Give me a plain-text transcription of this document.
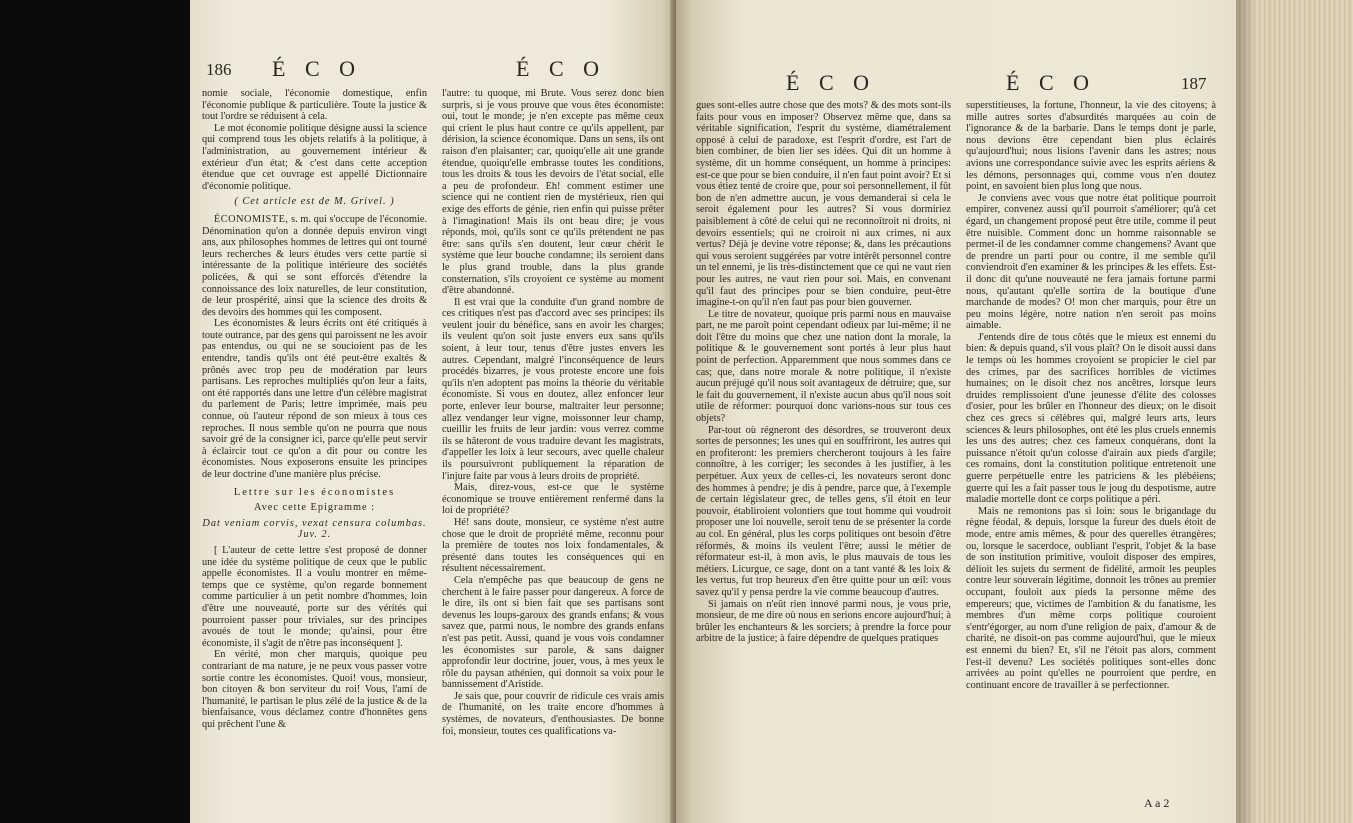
186 É C O	É C O

nomie sociale, l'économie domestique, enfin l'économie publique & particulière. Toute la justice & tout l'ordre se réduisent à cela.

Le mot économie politique désigne aussi la science qui comprend tous les objets relatifs à la politique, à l'administration, au gouvernement intérieur & extérieur d'un état; & c'est dans cette acception étendue que cet ouvrage est appellé Dictionnaire d'économie politique.

( Cet article est de M. Grivel. )

ÉCONOMISTE, s. m. qui s'occupe de l'économie. Dénomination qu'on a donnée depuis environ vingt ans, aux philosophes hommes de lettres qui ont tourné leurs recherches & leurs études vers cette partie si intéressante de la politique intérieure des sociétés policées, & qui se sont efforcés d'étendre la connoissance des loix naturelles, de leur constitution, de leur prospérité, ainsi que la science des droits & des devoirs des hommes qui les composent.

Les économistes & leurs écrits ont été critiqués à toute outrance, par des gens qui paroissent ne les avoir pas entendus, ou qui ne se soucioient pas de les entendre, tandis qu'ils ont été peut-être exaltés & prônés avec trop peu de modération par leurs partisans. Les reproches multipliés qu'on leur a faits, ont été rapportés dans une lettre d'un célèbre magistrat du parlement de Paris; lettre imprimée, mais peu connue, où l'auteur répond de son mieux à tous ces reproches. Il nous semble qu'on ne pourra que nous savoir gré de la consigner ici, parce qu'elle peut servir à éclaircir tout ce qu'on a dit pour ou contre les économistes. Nous exposerons ensuite les principes de leur doctrine d'une manière plus précise.

Lettre sur les économistes

Avec cette Epigramme :

Dat veniam corvis, vexat censura columbas. Juv. 2.

[ L'auteur de cette lettre s'est proposé de donner une idée du système politique de ceux que le public appelle économistes. Il a voulu montrer en même-temps que ce système, qu'on regarde bonnement comme particulier à un petit nombre d'hommes, loin d'être une nouveauté, porte sur des vérités qui pourroient passer pour triviales, sur des principes avoués de tout le monde; qu'ainsi, pour être économiste, il s'agit de n'être pas inconséquent ].

En vérité, mon cher marquis, quoique peu contrariant de ma nature, je ne peux vous passer votre sortie contre les économistes. Quoi! vous, monsieur, bon citoyen & bon serviteur du roi! Vous, l'ami de l'humanité, le partisan le plus zélé de la justice & de la bienfaisance, vous déclamez contre d'honnêtes gens qui prêchent l'une &

l'autre: tu quoque, mi Brute. Vous serez donc bien surpris, si je vous prouve que vous êtes économiste: oui, tout le monde; je n'en excepte pas même ceux qui crient le plus haut contre ce qu'ils appellent, par dérision, la science économique. Dans un sens, ils ont raison d'en plaisanter; car, quoiqu'elle ait une grande étendue, quoiqu'elle embrasse toutes les conditions, tous les droits & tous les devoirs de l'état social, elle a peu de profondeur. Eh! comment estimer une science qui ne contient rien de mystérieux, rien qui exige des efforts de génie, rien enfin qui puisse prêter à l'imagination! Mais ils ont beau dire; je vous réponds, moi, qu'ils sont ce qu'ils prétendent ne pas être: sans qu'ils s'en doutent, leur cœur chérit le système que leur bouche condamne; ils seroient dans le plus grand trouble, dans la plus grande consternation, s'ils croyoient ce système au moment d'être abandonné.

Il est vrai que la conduite d'un grand nombre de ces critiques n'est pas d'accord avec ses principes: ils veulent jouir du bénéfice, sans en avoir les charges; ils veulent qu'on soit juste envers eux sans qu'ils soient, à leur tour, tenus d'être justes envers les autres. Cependant, malgré l'inconséquence de leurs procédés bizarres, je vous proteste encore une fois qu'ils n'en adoptent pas moins la théorie du véritable économiste. Si vous en doutez, allez enfoncer leur porte, enlever leur bourse, maltraiter leur personne; allez vendanger leur vigne, moissonner leur champ, cueillir les fruits de leur jardin: vous verrez comme ils se hâteront de vous traduire devant les magistrats, d'appeller les loix à leur secours, avec quelle chaleur ils poursuivront publiquement la réparation de l'injure faite par vous à leurs droits de propriété.

Mais, direz-vous, est-ce que le système économique se trouve entièrement renfermé dans la loi de propriété?

Hé! sans doute, monsieur, ce système n'est autre chose que le droit de propriété même, reconnu pour la première de toutes nos loix fondamentales, & présenté dans toutes les conséquences qui en résultent nécessairement.

Cela n'empêche pas que beaucoup de gens ne cherchent à le faire passer pour dangereux. A force de le dire, ils ont si bien fait que ses partisans sont devenus les loups-garoux des grands enfans; & vous savez que, parmi nous, le nombre des grands enfans n'est pas petit. Aussi, quand je vous vois condamner les économistes sur parole, & sans daigner approfondir leur doctrine, jouer, vous, à mes yeux le rôle du paysan athénien, qui donnoit sa voix pour le bannissement d'Aristide.

Je sais que, pour couvrir de ridicule ces vrais amis de l'humanité, on les traite encore d'hommes à systèmes, de novateurs, d'enthousiastes. De bonne foi, monsieur, toutes ces qualifications va-

É C O	É C O	187

gues sont-elles autre chose que des mots? & des mots sont-ils faits pour vous en imposer? Observez même que, dans sa véritable signification, l'esprit du système, diamétralement opposé à celui de paradoxe, est l'esprit d'ordre, est l'art de bien combiner, de bien lier ses idées. Qui dit un homme à système, dit un homme conséquent, un homme à principes: est-ce que pour se bien conduire, il n'en faut point avoir? Et si vous étiez tenté de croire que, pour soi personnellement, il fût bon de n'en admettre aucun, je vous demanderai si cela le seroit également pour les autres? Si vous dormiriez paisiblement à côté de celui qui ne reconnoîtroit ni droits, ni devoirs essentiels; qui ne croiroit ni aux crimes, ni aux vertus? Déjà je devine votre réponse; &, dans les précautions qui vous seroient suggérées par votre intérêt personnel contre un tel ennemi, je lis très-distinctement que ce qui ne vaut rien pour les autres, ne vaut rien pour soi. Mais, en convenant qu'il faut des principes pour se bien conduire, peut-être imagine-t-on qu'il n'en faut pas pour bien gouverner.

Le titre de novateur, quoique pris parmi nous en mauvaise part, ne me paroît point cependant odieux par lui-même; il ne doit l'être du moins que chez une nation dont la morale, la politique & le gouvernement sont portés à leur plus haut point de perfection. Apparemment que nous sommes dans ce cas; que, dans notre morale & notre politique, il n'existe aucun préjugé qu'il nous soit avantageux de détruire; que, sur le fait du gouvernement, il n'existe aucun abus qu'il nous soit utile de réformer: pourquoi donc varions-nous sur tous ces objets?

Par-tout où régneront des désordres, se trouveront deux sortes de personnes; les unes qui en souffriront, les autres qui en profiteront: les premiers chercheront toujours à les faire connoître, à les corriger; les secondes à les justifier, à les perpétuer. Aux yeux de celles-ci, les novateurs seront donc des hommes à pendre; je dis à pendre, parce que, à l'exemple de certain législateur grec, de telles gens, s'il étoit en leur pouvoir, établiroient volontiers que tout homme qui voudroit proposer une loi nouvelle, seroit tenu de se présenter la corde au col. En général, plus les corps politiques ont besoin d'être réformés, & moins ils veulent l'être; aussi le métier de réformateur est-il, à mon avis, le plus mauvais de tous les métiers. Licurgue, ce sage, dont on a tant vanté & les loix & les vertus, fut trop heureux d'en être quitte pour un œil: vous savez qu'il y pensa perdre la vie comme beaucoup d'autres.

Si jamais on n'eût rien innové parmi nous, je vous prie, monsieur, de me dire où nous en serions encore aujourd'hui; à brûler les enchanteurs & les sorciers; à prendre la force pour arbitre de la justice; à faire dépendre de quelques pratiques

superstitieuses, la fortune, l'honneur, la vie des citoyens; à mille autres sortes d'absurdités marquées au coin de l'ignorance & de la barbarie. Dans le temps dont je parle, nous devions être cependant bien plus éclairés qu'aujourd'hui; nous lisions l'avenir dans les astres; nous avions une correspondance suivie avec les esprits aériens & les démons, personnages qui, comme vous n'en doutez point, en savoient bien plus long que nous.

Je conviens avec vous que notre état politique pourroit empirer, convenez aussi qu'il pourroit s'améliorer; qu'à cet égard, un changement proposé peut être utile, comme il peut être nuisible. Comment donc un homme raisonnable se permet-il de les condamner comme changemens? Avant que de prendre un parti pour ou contre, il me semble qu'il conviendroit d'en examiner & les principes & les effets. Est-il donc dit qu'une nouveauté ne fera jamais fortune parmi nous, qu'autant qu'elle sortira de la boutique d'une marchande de modes? O! mon cher marquis, pour être un peu moins légère, notre nation n'en seroit pas moins aimable.

J'entends dire de tous côtés que le mieux est ennemi du bien: & depuis quand, s'il vous plaît? On le disoit aussi dans le temps où les hommes croyoient se propicier le ciel par des crimes, par des sacrifices horribles de victimes humaines; on le disoit chez nos ancêtres, lorsque leurs druides remplissoient d'une jeunesse d'élite des colosses d'osier, pour les brûler en l'honneur des dieux; on le disoit chez ces grecs si célèbres qui, malgré leurs arts, leurs sciences & leurs philosophes, ont été les plus cruels ennemis les uns des autres; chez ces fameux conquérans, dont la puissance n'étoit qu'un colosse d'airain aux pieds d'argile; ces romains, dont la constitution politique entretenoit une guerre perpétuelle entre les patriciens & les plébéiens; guerre qui les a fait passer tous le joug du despotisme, autre maladie mortelle dont ce corps politique a péri.

Mais ne remontons pas si loin: sous le brigandage du règne féodal, & depuis, lorsque la fureur des duels étoit de mode, entre amis mêmes, & pour des querelles étrangères; ou, lorsque le sacerdoce, oubliant l'esprit, l'objet & la base de son institution primitive, vouloit disposer des empires, délioit les sujets du serment de fidélité, armoit les peuples contre leur souverain légitime, donnoit les trônes au premier occupant, fouloit aux pieds la personne même des empereurs; que, victimes de l'ambition & du fanatisme, les membres d'un même corps politique couroient s'entr'égorger, au nom d'une religion de paix, d'amour & de charité, ne disoit-on pas comme aujourd'hui, que le mieux est ennemi du bien? Et, s'il ne l'étoit pas alors, comment l'est-il devenu? Les sociétés politiques sont-elles donc arrivées au point qu'elles ne pourroient que perdre, en continuant encore de travailler à se perfectionner.

A a 2
